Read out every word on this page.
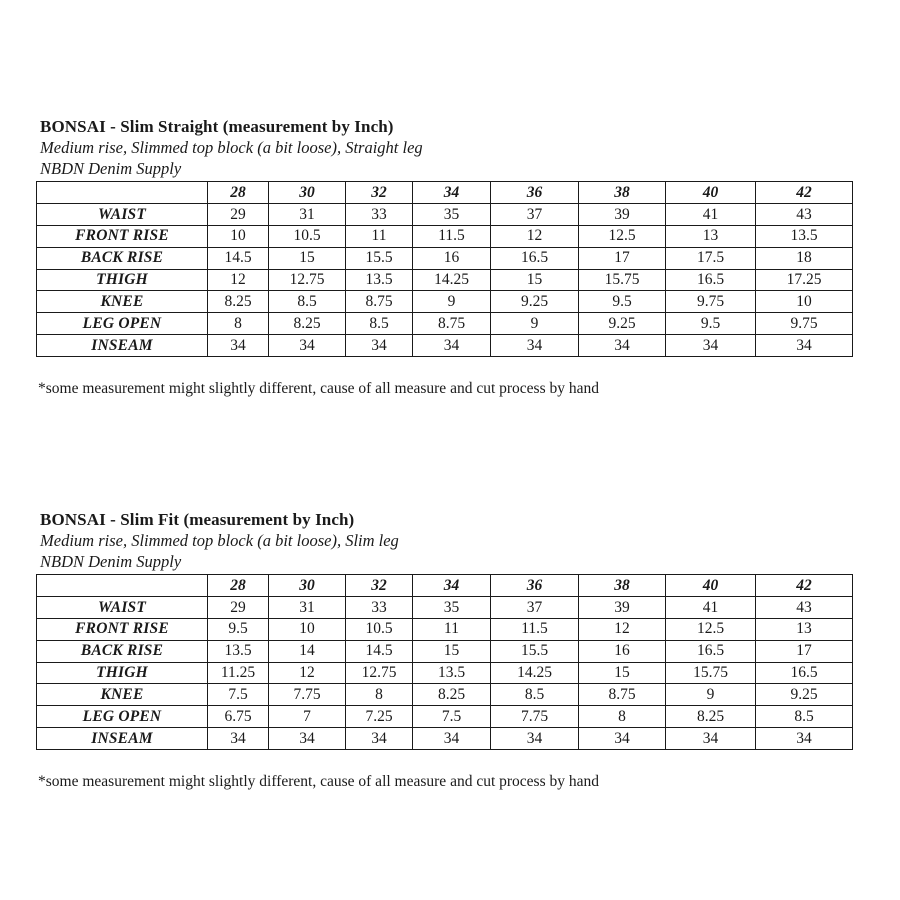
BONSAI - Slim Straight (measurement by Inch)
Medium rise, Slimmed top block (a bit loose), Straight leg
NBDN Denim Supply
	28	30	32	34	36	38	40	42
WAIST	29	31	33	35	37	39	41	43
FRONT RISE	10	10.5	11	11.5	12	12.5	13	13.5
BACK RISE	14.5	15	15.5	16	16.5	17	17.5	18
THIGH	12	12.75	13.5	14.25	15	15.75	16.5	17.25
KNEE	8.25	8.5	8.75	9	9.25	9.5	9.75	10
LEG OPEN	8	8.25	8.5	8.75	9	9.25	9.5	9.75
INSEAM	34	34	34	34	34	34	34	34
*some measurement might slightly different, cause of all measure and cut process by hand
BONSAI - Slim Fit (measurement by Inch)
Medium rise, Slimmed top block (a bit loose), Slim leg
NBDN Denim Supply
	28	30	32	34	36	38	40	42
WAIST	29	31	33	35	37	39	41	43
FRONT RISE	9.5	10	10.5	11	11.5	12	12.5	13
BACK RISE	13.5	14	14.5	15	15.5	16	16.5	17
THIGH	11.25	12	12.75	13.5	14.25	15	15.75	16.5
KNEE	7.5	7.75	8	8.25	8.5	8.75	9	9.25
LEG OPEN	6.75	7	7.25	7.5	7.75	8	8.25	8.5
INSEAM	34	34	34	34	34	34	34	34
*some measurement might slightly different, cause of all measure and cut process by hand
